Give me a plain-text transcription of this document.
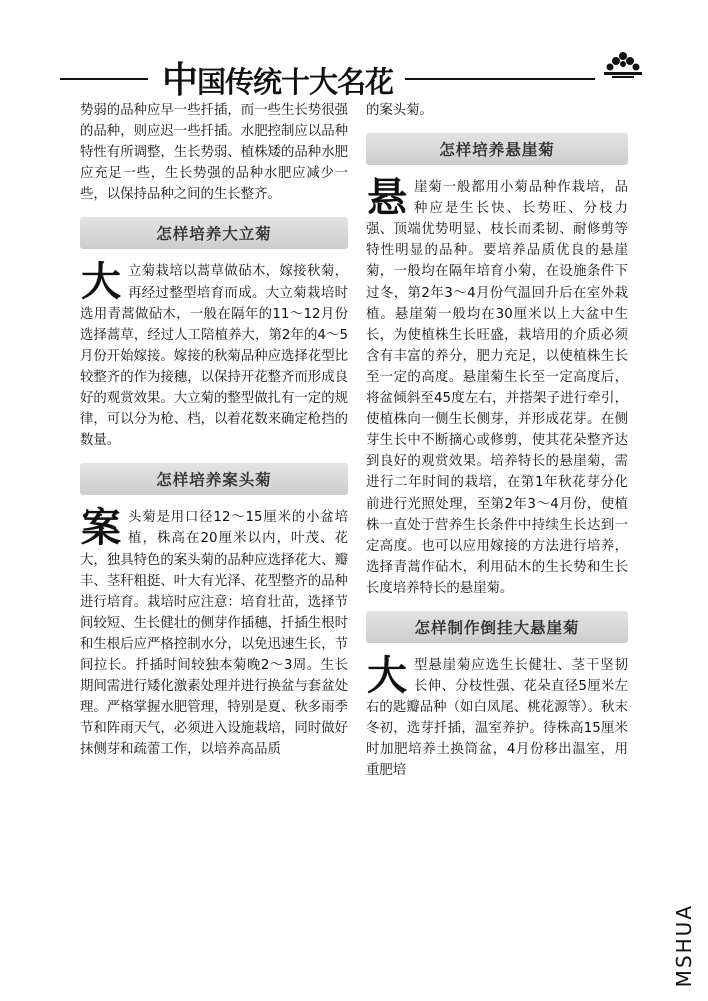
中国传统十大名花

势弱的品种应早一些扦插，而一些生长势很强的品种，则应迟一些扦插。水肥控制应以品种特性有所调整，生长势弱、植株矮的品种水肥应充足一些，生长势强的品种水肥应减少一些，以保持品种之间的生长整齐。

怎样培养大立菊

大立菊栽培以蒿草做砧木，嫁接秋菊，再经过整型培育而成。大立菊栽培时选用青蒿做砧木，一般在隔年的11～12月份选择蒿草，经过人工陪植养大，第2年的4～5月份开始嫁接。嫁接的秋菊品种应选择花型比较整齐的作为接穗，以保持开花整齐而形成良好的观赏效果。大立菊的整型做扎有一定的规律，可以分为枪、档，以着花数来确定枪挡的数量。

怎样培养案头菊

案头菊是用口径12～15厘米的小盆培植，株高在20厘米以内，叶茂、花大，独具特色的案头菊的品种应选择花大、瓣丰、茎秆粗挺、叶大有光泽、花型整齐的品种进行培育。栽培时应注意：培育壮苗，选择节间较短、生长健壮的侧芽作插穗，扦插生根时和生根后应严格控制水分，以免迅速生长，节间拉长。扦插时间较独本菊晚2～3周。生长期间需进行矮化激素处理并进行换盆与套盆处理。严格掌握水肥管理，特别是夏、秋多雨季节和阵雨天气，必须进入设施栽培，同时做好抹侧芽和疏蕾工作，以培养高品质

的案头菊。

怎样培养悬崖菊

悬崖菊一般都用小菊品种作栽培，品种应是生长快、长势旺、分枝力强、顶端优势明显、枝长而柔韧、耐修剪等特性明显的品种。要培养品质优良的悬崖菊，一般均在隔年培育小菊，在设施条件下过冬，第2年3～4月份气温回升后在室外栽植。悬崖菊一般均在30厘米以上大盆中生长，为使植株生长旺盛，栽培用的介质必须含有丰富的养分，肥力充足，以使植株生长至一定的高度。悬崖菊生长至一定高度后，将盆倾斜至45度左右，并搭架子进行牵引，使植株向一侧生长侧芽，并形成花芽。在侧芽生长中不断摘心或修剪，使其花朵整齐达到良好的观赏效果。培养特长的悬崖菊，需进行二年时间的栽培，在第1年秋花芽分化前进行光照处理，至第2年3～4月份，使植株一直处于营养生长条件中持续生长达到一定高度。也可以应用嫁接的方法进行培养，选择青蒿作砧木，利用砧木的生长势和生长长度培养特长的悬崖菊。

怎样制作倒挂大悬崖菊

大型悬崖菊应选生长健壮、茎干坚韧长伸、分枝性强、花朵直径5厘米左右的匙瓣品种（如白凤尾、桃花源等）。秋末冬初，选芽扦插，温室养护。待株高15厘米时加肥培养土换筒盆，4月份移出温室，用重肥培

MSHUA
